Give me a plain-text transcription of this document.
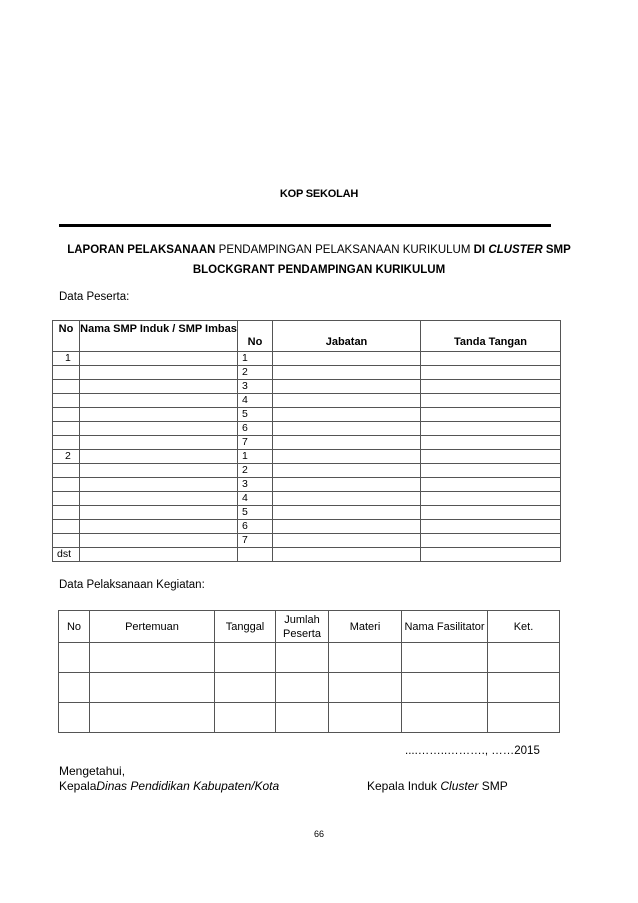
KOP SEKOLAH
LAPORAN PELAKSANAAN PENDAMPINGAN PELAKSANAAN KURIKULUM DI CLUSTER SMP
BLOCKGRANT PENDAMPINGAN KURIKULUM
Data Peserta:
No	Nama SMP Induk / SMP Imbas	No	Jabatan	Tanda Tangan
1		1		
		2		
		3		
		4		
		5		
		6		
		7		
2		1		
		2		
		3		
		4		
		5		
		6		
		7		
dst				
Data Pelaksanaan Kegiatan:
No	Pertemuan	Tanggal	Jumlah Peserta	Materi	Nama Fasilitator	Ket.

....……..………., ……2015
Mengetahui,
KepalaDinas Pendidikan Kabupaten/Kota	Kepala Induk Cluster SMP
66
